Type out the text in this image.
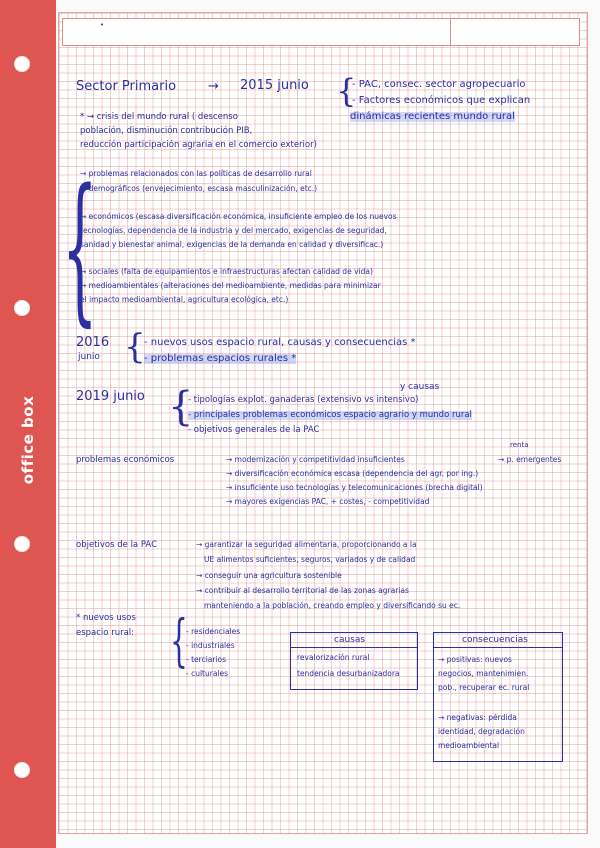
office box
•
Sector Primario → 2015 junio {
- PAC, consec. sector agropecuario
- Factores económicos que explican
dinámicas recientes mundo rural
* → crisis del mundo rural ( descenso
población, disminución contribución PIB,
reducción participación agraria en el comercio exterior)
{
→ problemas relacionados con las políticas de desarrollo rural
→ demográficos (envejecimiento, escasa masculinización, etc.)
→ económicos (escasa diversificación económica, insuficiente empleo de los nuevos
tecnologías, dependencia de la industria y del mercado, exigencias de seguridad,
sanidad y bienestar animal, exigencias de la demanda en calidad y diversificac.)
→ sociales (falta de equipamientos e infraestructuras afectan calidad de vida)
→ medioambientales (alteraciones del medioambiente, medidas para minimizar
el impacto medioambiental, agricultura ecológica, etc.)
2016
junio {
- nuevos usos espacio rural, causas y consecuencias *
- problemas espacios rurales *
2019 junio {	y causas
- tipologías explot. ganaderas (extensivo vs intensivo)
- principales problemas económicos espacio agrario y mundo rural
- objetivos generales de la PAC
problemas económicos
renta
→ modernización y competitividad insuficientes	→ p. emergentes
→ diversificación económica escasa (dependencia del agr. por ing.)
→ insuficiente uso tecnologías y telecomunicaciones (brecha digital)
→ mayores exigencias PAC, + costes, - competitividad
objetivos de la PAC	→ garantizar la seguridad alimentaria, proporcionando a la
UE alimentos suficientes, seguros, variados y de calidad
→ conseguir una agricultura sostenible
→ contribuir al desarrollo territorial de las zonas agrarias
manteniendo a la población, creando empleo y diversificando su ec.
* nuevos usos
espacio rural: {
- residenciales
- industriales
- terciarios
- culturales
causas
revalorización rural
tendencia desurbanizadora
consecuencias
→ positivas: nuevos
negocios, mantenimien.
pob., recuperar ec. rural
→ negativas: pérdida
identidad, degradación
medioambiental
